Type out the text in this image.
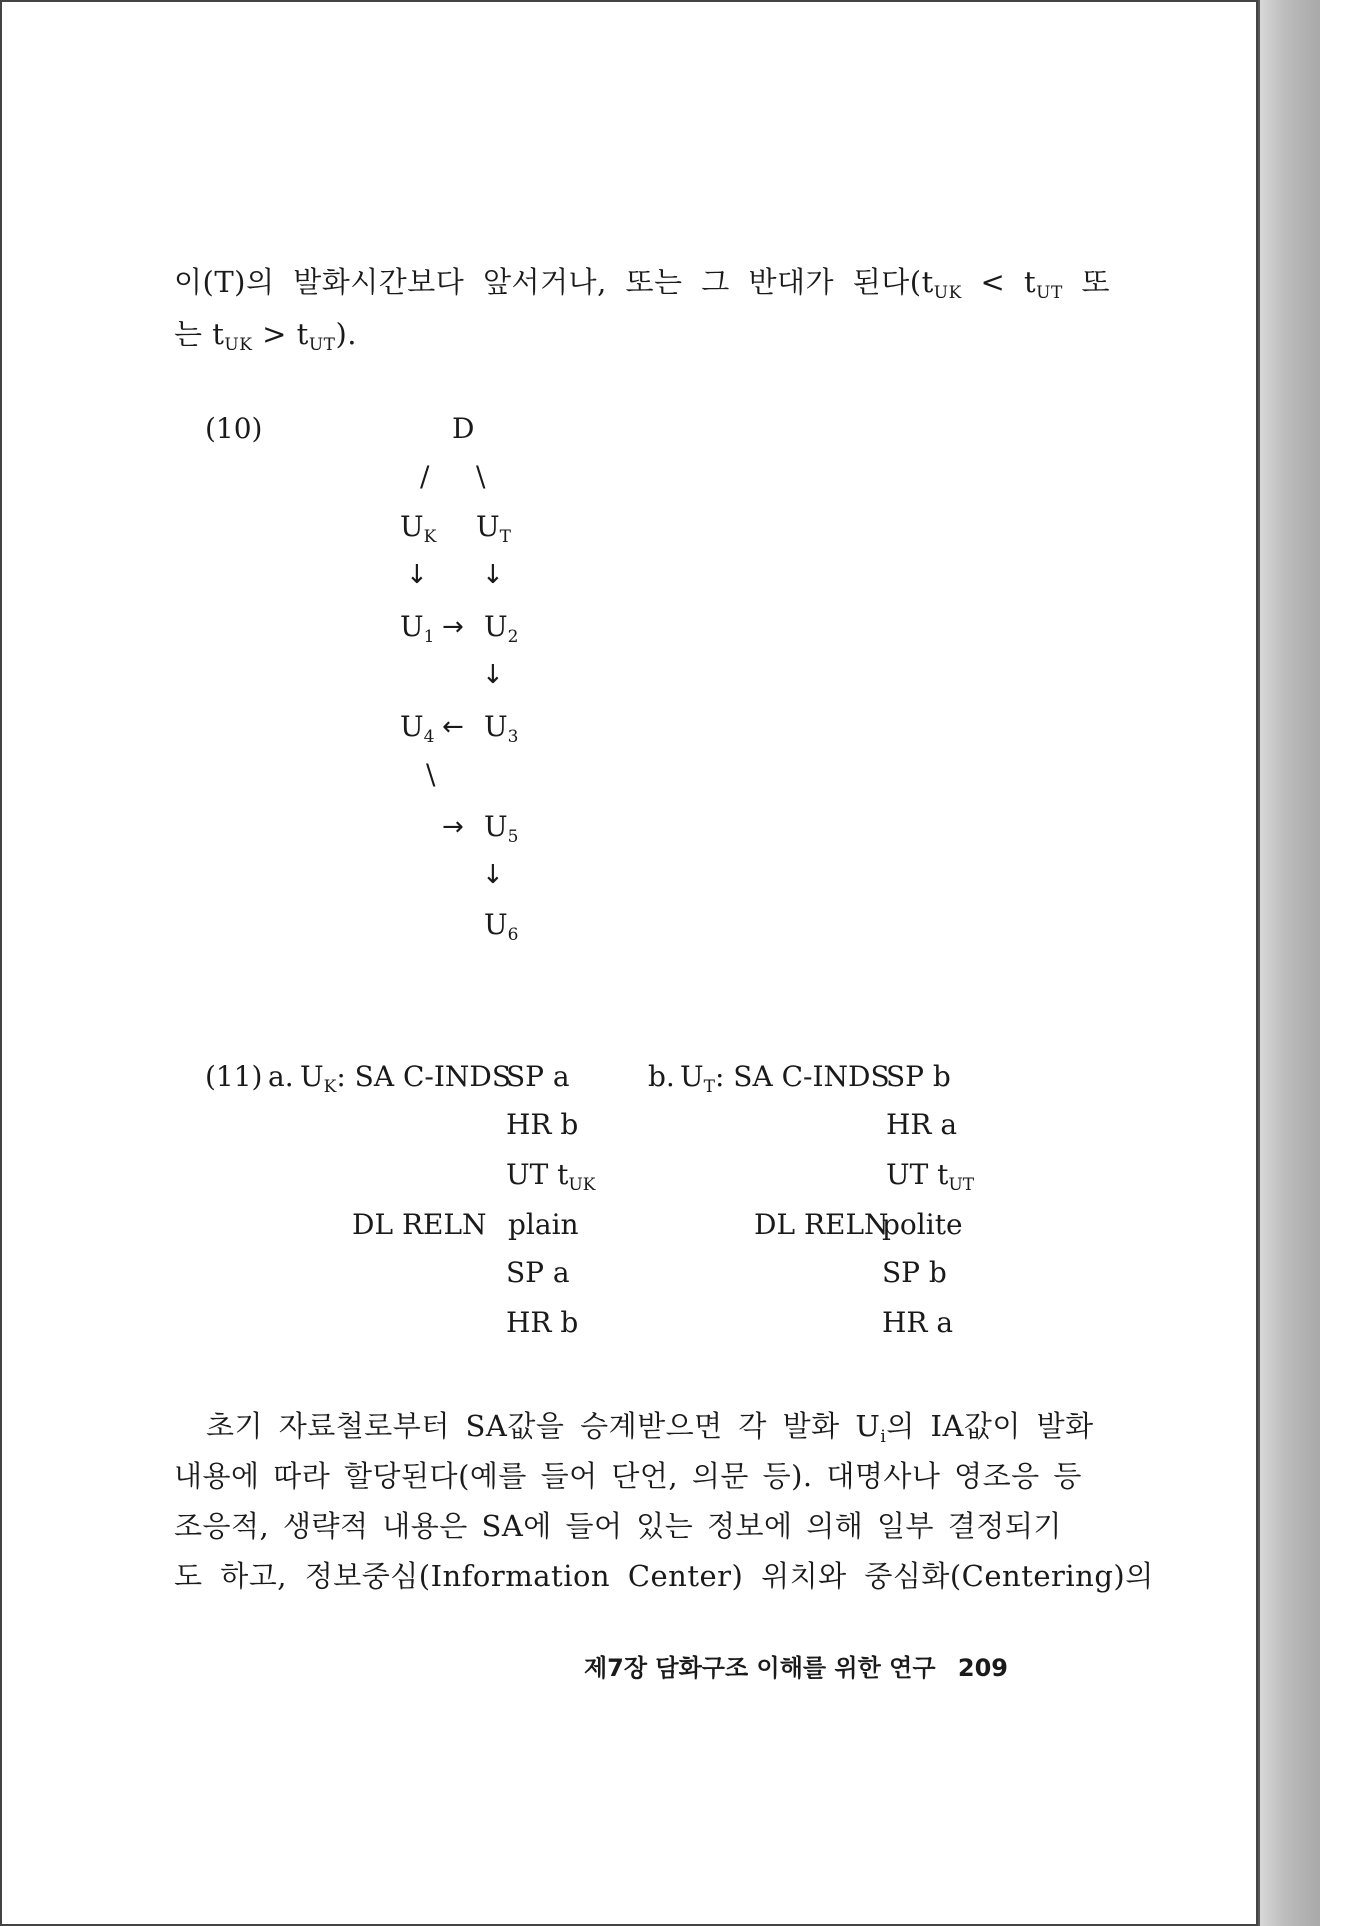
이(T)의 발화시간보다 앞서거나, 또는 그 반대가 된다($t_{UK} < t_{UT}$ 또
는 $t_{UK} > t_{UT}$).
(10)	D
/ \
$U_K$ $U_T$
↓ ↓
$U_1 \to U_2$
↓
$U_4$ ← $U_3$
\
→ $U_5$
↓
$U_6$
(11) a. $U_K$: SA C-INDS
SP a
HR b
UT $t_{UK}$
DL RELN plain
SP a
HR b
b. $U_T$: SA C-INDS
SP b
HR a
UT $t_{UT}$
DL RELN
polite
SP b
HR a
초기 자료철로부터 SA값을 승계받으면 각 발화 $U_i$의 IA값이 발화
내용에 따라 할당된다(예를 들어 단언, 의문 등). 대명사나 영조응 등
조응적, 생략적 내용은 SA에 들어 있는 정보에 의해 일부 결정되기
도 하고, 정보중심(Information Center) 위치와 중심화(Centering)의
제7장 담화구조 이해를 위한 연구 209
